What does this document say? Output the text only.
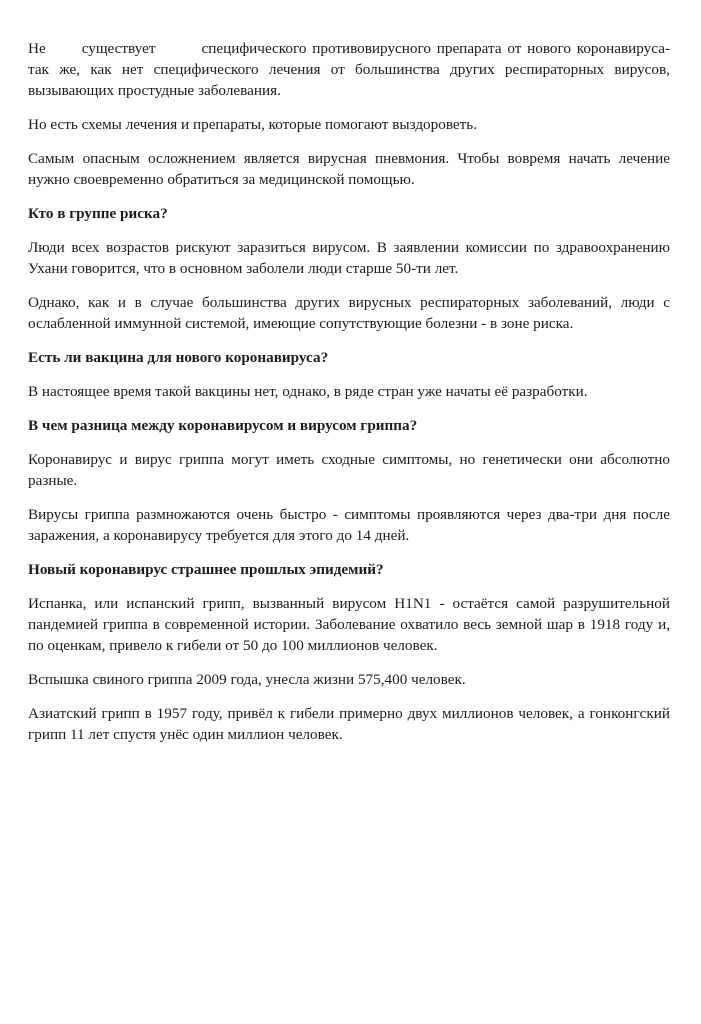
Не существует	специфического противовирусного препарата от нового коронавируса- так же, как нет специфического лечения от большинства других респираторных вирусов, вызывающих простудные заболевания.

Но есть схемы лечения и препараты, которые помогают выздороветь.

Самым опасным осложнением является вирусная пневмония. Чтобы вовремя начать лечение нужно своевременно обратиться за медицинской помощью.

Кто в группе риска?

Люди всех возрастов рискуют заразиться вирусом. В заявлении комиссии по здравоохранению Ухани говорится, что в основном заболели люди старше 50-ти лет.

Однако, как и в случае большинства других вирусных респираторных заболеваний, люди с ослабленной иммунной системой, имеющие сопутствующие болезни - в зоне риска.

Есть ли вакцина для нового коронавируса?

В настоящее время такой вакцины нет, однако, в ряде стран уже начаты её разработки.

В чем разница между коронавирусом и вирусом гриппа?

Коронавирус и вирус гриппа могут иметь сходные симптомы, но генетически они абсолютно разные.

Вирусы гриппа размножаются очень быстро - симптомы проявляются через два-три дня после заражения, а коронавирусу требуется для этого до 14 дней.

Новый коронавирус страшнее прошлых эпидемий?

Испанка, или испанский грипп, вызванный вирусом H1N1 - остаётся самой разрушительной пандемией гриппа в современной истории. Заболевание охватило весь земной шар в 1918 году и, по оценкам, привело к гибели от 50 до 100 миллионов человек.

Вспышка свиного гриппа 2009 года, унесла жизни 575,400 человек.

Азиатский грипп в 1957 году, привёл к гибели примерно двух миллионов человек, а гонконгский грипп 11 лет спустя унёс один миллион человек.
